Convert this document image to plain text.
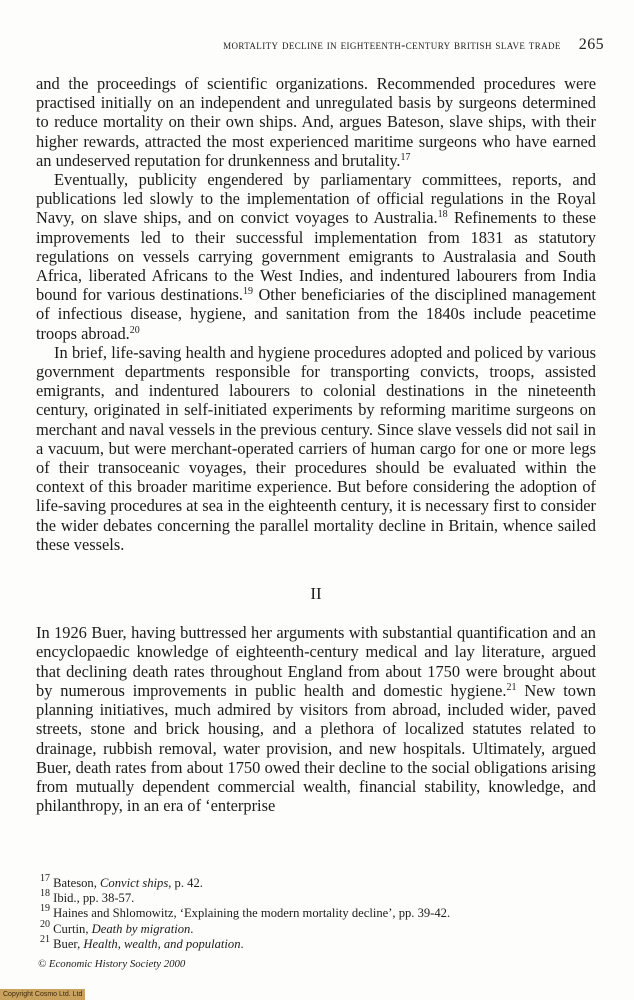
mortality decline in eighteenth-century british slave trade 265

and the proceedings of scientific organizations. Recommended procedures were practised initially on an independent and unregulated basis by surgeons determined to reduce mortality on their own ships. And, argues Bateson, slave ships, with their higher rewards, attracted the most experienced maritime surgeons who have earned an undeserved reputation for drunkenness and brutality.$^{17}$

Eventually, publicity engendered by parliamentary committees, reports, and publications led slowly to the implementation of official regulations in the Royal Navy, on slave ships, and on convict voyages to Australia.$^{18}$ Refinements to these improvements led to their successful implementation from 1831 as statutory regulations on vessels carrying government emigrants to Australasia and South Africa, liberated Africans to the West Indies, and indentured labourers from India bound for various destinations.$^{19}$ Other beneficiaries of the disciplined management of infectious disease, hygiene, and sanitation from the 1840s include peacetime troops abroad.$^{20}$

In brief, life-saving health and hygiene procedures adopted and policed by various government departments responsible for transporting convicts, troops, assisted emigrants, and indentured labourers to colonial destinations in the nineteenth century, originated in self-initiated experiments by reforming maritime surgeons on merchant and naval vessels in the previous century. Since slave vessels did not sail in a vacuum, but were merchant-operated carriers of human cargo for one or more legs of their transoceanic voyages, their procedures should be evaluated within the context of this broader maritime experience. But before considering the adoption of life-saving procedures at sea in the eighteenth century, it is necessary first to consider the wider debates concerning the parallel mortality decline in Britain, whence sailed these vessels.

II

In 1926 Buer, having buttressed her arguments with substantial quantification and an encyclopaedic knowledge of eighteenth-century medical and lay literature, argued that declining death rates throughout England from about 1750 were brought about by numerous improvements in public health and domestic hygiene.$^{21}$ New town planning initiatives, much admired by visitors from abroad, included wider, paved streets, stone and brick housing, and a plethora of localized statutes related to drainage, rubbish removal, water provision, and new hospitals. Ultimately, argued Buer, death rates from about 1750 owed their decline to the social obligations arising from mutually dependent commercial wealth, financial stability, knowledge, and philanthropy, in an era of ‘enterprise

$^{17}$ Bateson, Convict ships, p. 42.

$^{18}$ Ibid., pp. 38-57.

$^{19}$ Haines and Shlomowitz, ‘Explaining the modern mortality decline’, pp. 39-42.

$^{20}$ Curtin, Death by migration.

$^{21}$ Buer, Health, wealth, and population.

© Economic History Society 2000
Copyright Cosmo Ltd. Ltd
